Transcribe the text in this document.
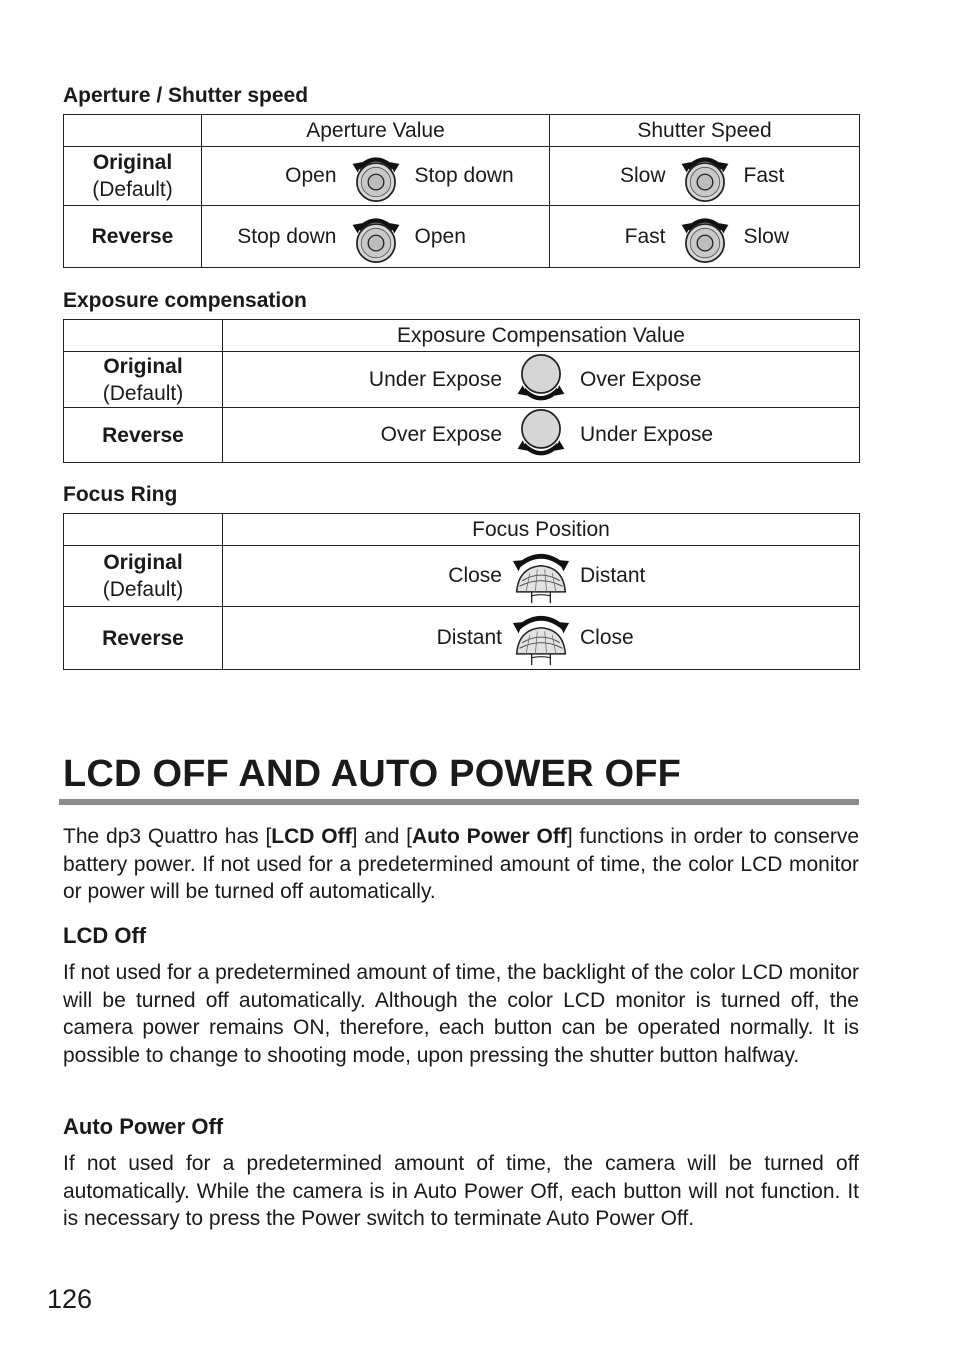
Aperture / Shutter speed
	Aperture Value	Shutter Speed

Original
(Default)	Open Stop down	Slow Fast

Reverse	Stop down Open	Fast Slow
Exposure compensation
	Exposure Compensation Value

Original
(Default)	Under Expose Over Expose

Reverse	Over Expose Under Expose
Focus Ring
	Focus Position

Original
(Default)	Close Distant

Reverse	Distant Close
LCD OFF AND AUTO POWER OFF
The dp3 Quattro has [LCD Off] and [Auto Power Off] functions in order to conserve battery power. If not used for a predetermined amount of time, the color LCD monitor or power will be turned off automatically.
LCD Off
If not used for a predetermined amount of time, the backlight of the color LCD monitor will be turned off automatically. Although the color LCD monitor is turned off, the camera power remains ON, therefore, each button can be operated normally. It is possible to change to shooting mode, upon pressing the shutter button halfway.
Auto Power Off
If not used for a predetermined amount of time, the camera will be turned off automatically. While the camera is in Auto Power Off, each button will not function. It is necessary to press the Power switch to terminate Auto Power Off.
126
